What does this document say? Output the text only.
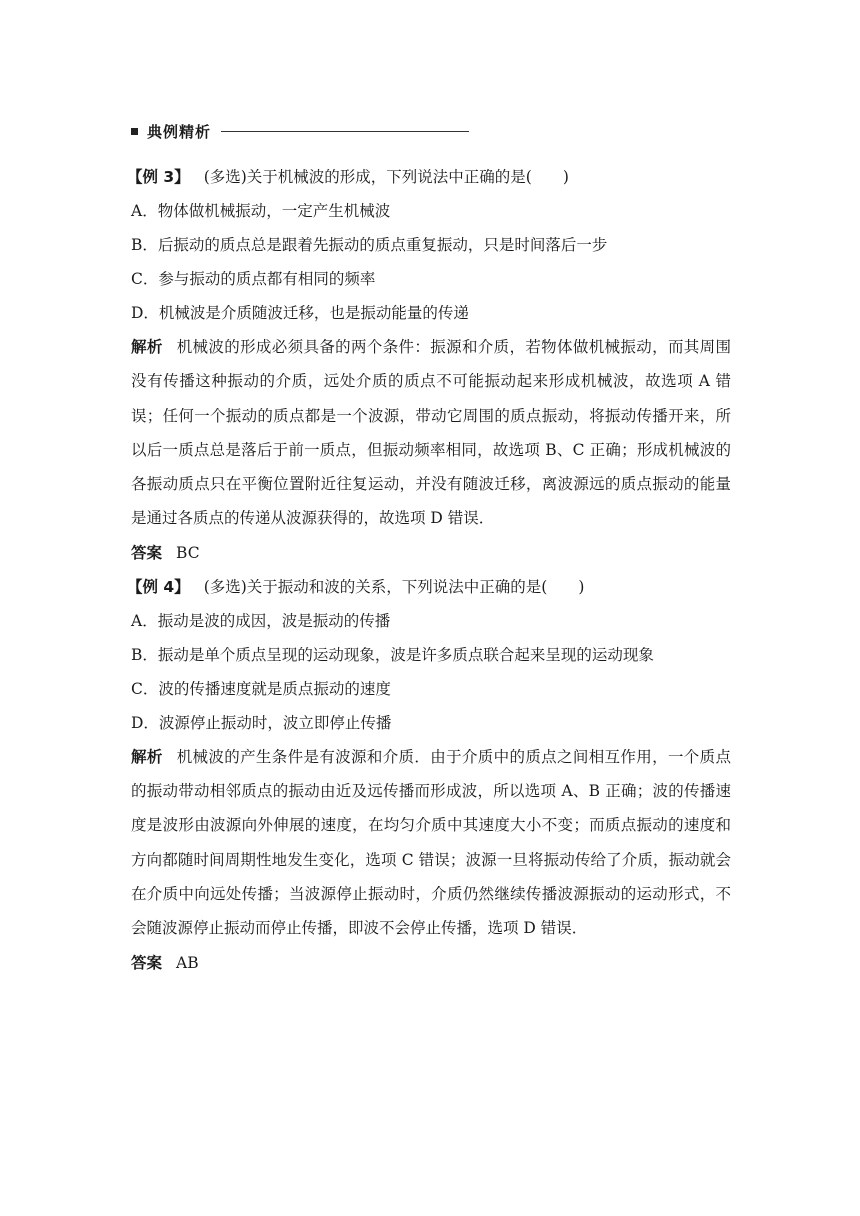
典例精析
【例 3】 (多选)关于机械波的形成，下列说法中正确的是(　　)
A．物体做机械振动，一定产生机械波
B．后振动的质点总是跟着先振动的质点重复振动，只是时间落后一步
C．参与振动的质点都有相同的频率
D．机械波是介质随波迁移，也是振动能量的传递
解析 机械波的形成必须具备的两个条件：振源和介质，若物体做机械振动，而其周围没有传播这种振动的介质，远处介质的质点不可能振动起来形成机械波，故选项 A 错误；任何一个振动的质点都是一个波源，带动它周围的质点振动，将振动传播开来，所以后一质点总是落后于前一质点，但振动频率相同，故选项 B、C 正确；形成机械波的各振动质点只在平衡位置附近往复运动，并没有随波迁移，离波源远的质点振动的能量是通过各质点的传递从波源获得的，故选项 D 错误．
答案 BC
【例 4】 (多选)关于振动和波的关系，下列说法中正确的是(　　)
A．振动是波的成因，波是振动的传播
B．振动是单个质点呈现的运动现象，波是许多质点联合起来呈现的运动现象
C．波的传播速度就是质点振动的速度
D．波源停止振动时，波立即停止传播
解析 机械波的产生条件是有波源和介质．由于介质中的质点之间相互作用，一个质点的振动带动相邻质点的振动由近及远传播而形成波，所以选项 A、B 正确；波的传播速度是波形由波源向外伸展的速度，在均匀介质中其速度大小不变；而质点振动的速度和方向都随时间周期性地发生变化，选项 C 错误；波源一旦将振动传给了介质，振动就会在介质中向远处传播；当波源停止振动时，介质仍然继续传播波源振动的运动形式，不会随波源停止振动而停止传播，即波不会停止传播，选项 D 错误．
答案 AB
